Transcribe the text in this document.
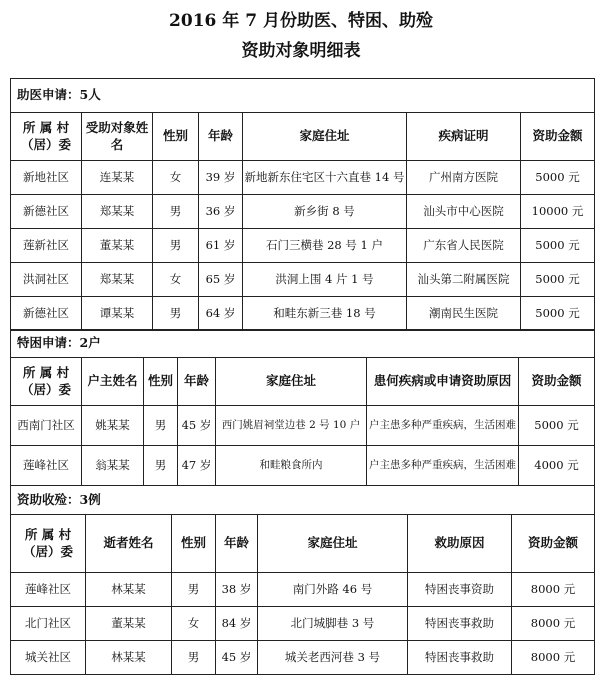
2016 年 7 月份助医、特困、助殓
资助对象明细表
助医申请：5人						
所 属 村（居）委	受助对象姓名	性别	年龄	家庭住址	疾病证明	资助金额
新地社区	连某某	女	39 岁	新地新东住宅区十六直巷 14 号	广州南方医院	5000 元
新德社区	郑某某	男	36 岁	新乡街 8 号	汕头市中心医院	10000 元
莲新社区	董某某	男	61 岁	石门三横巷 28 号 1 户	广东省人民医院	5000 元
洪洞社区	郑某某	女	65 岁	洪洞上围 4 片 1 号	汕头第二附属医院	5000 元
新德社区	谭某某	男	64 岁	和畦东新三巷 18 号	潮南民生医院	5000 元
特困申请：2户						
所 属 村（居）委	户主姓名	性别	年龄	家庭住址	患何疾病或申请资助原因	资助金额
西南门社区	姚某某	男	45 岁	西门姚眉祠堂边巷 2 号 10 户	户主患多种严重疾病，生活困难	5000 元
莲峰社区	翁某某	男	47 岁	和畦粮食所内	户主患多种严重疾病，生活困难	4000 元
资助收殓：3例						
所 属 村（居）委	逝者姓名	性别	年龄	家庭住址	救助原因	资助金额
莲峰社区	林某某	男	38 岁	南门外路 46 号	特困丧事资助	8000 元
北门社区	董某某	女	84 岁	北门城脚巷 3 号	特困丧事救助	8000 元
城关社区	林某某	男	45 岁	城关老西河巷 3 号	特困丧事救助	8000 元
